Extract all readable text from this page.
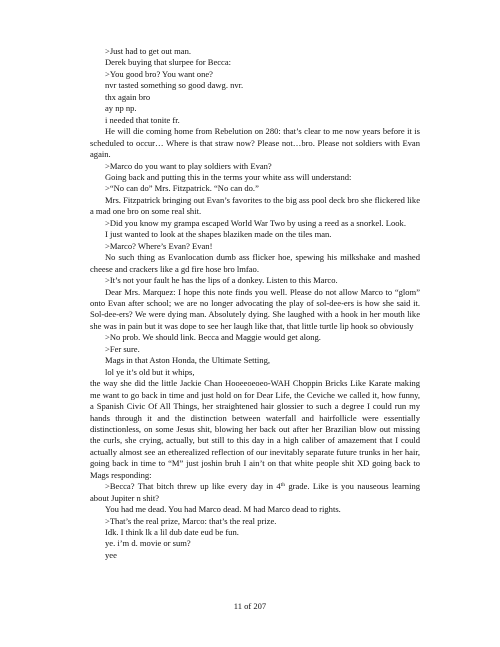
>Just had to get out man.

Derek buying that slurpee for Becca:

>You good bro? You want one?

nvr tasted something so good dawg. nvr.

thx again bro

ay np np.

i needed that tonite fr.

He will die coming home from Rebelution on 280: that’s clear to me now years before it is scheduled to occur… Where is that straw now? Please not…bro. Please not soldiers with Evan again.

>Marco do you want to play soldiers with Evan?

Going back and putting this in the terms your white ass will understand:

>“No can do” Mrs. Fitzpatrick. “No can do.”

Mrs. Fitzpatrick bringing out Evan’s favorites to the big ass pool deck bro she flickered like a mad one bro on some real shit.

>Did you know my grampa escaped World War Two by using a reed as a snorkel. Look.

I just wanted to look at the shapes blaziken made on the tiles man.

>Marco? Where’s Evan? Evan!

No such thing as Evanlocation dumb ass flicker hoe, spewing his milkshake and mashed cheese and crackers like a gd fire hose bro lmfao.

>It’s not your fault he has the lips of a donkey. Listen to this Marco.

Dear Mrs. Marquez: I hope this note finds you well. Please do not allow Marco to “glom” onto Evan after school; we are no longer advocating the play of sol-dee-ers is how she said it. Sol-dee-ers? We were dying man. Absolutely dying. She laughed with a hook in her mouth like she was in pain but it was dope to see her laugh like that, that little turtle lip hook so obviously

>No prob. We should link. Becca and Maggie would get along.

>Fer sure.

Mags in that Aston Honda, the Ultimate Setting,

lol ye it’s old but it whips,

the way she did the little Jackie Chan Hooeeoeoeo-WAH Choppin Bricks Like Karate making me want to go back in time and just hold on for Dear Life, the Ceviche we called it, how funny, a Spanish Civic Of All Things, her straightened hair glossier to such a degree I could run my hands through it and the distinction between waterfall and hairfollicle were essentially distinctionless, on some Jesus shit, blowing her back out after her Brazilian blow out missing the curls, she crying, actually, but still to this day in a high caliber of amazement that I could actually almost see an etherealized reflection of our inevitably separate future trunks in her hair, going back in time to “M” just joshin bruh I ain’t on that white people shit XD going back to Mags responding:

>Becca? That bitch threw up like every day in 4th grade. Like is you nauseous learning about Jupiter n shit?

You had me dead. You had Marco dead. M had Marco dead to rights.

>That’s the real prize, Marco: that’s the real prize.

Idk. I think lk a lil dub date eud be fun.

ye. i’m d. movie or sum?

yee

11 of 207
